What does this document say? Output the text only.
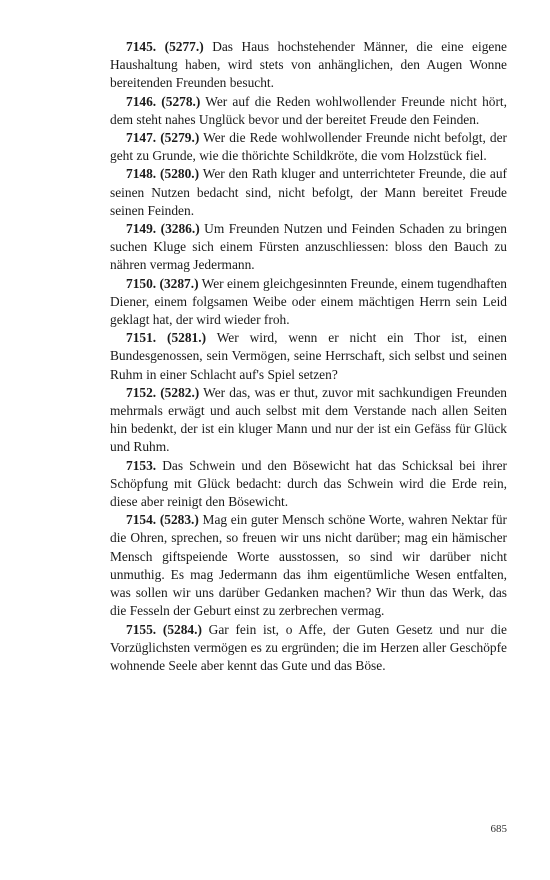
7145. (5277.) Das Haus hochstehender Männer, die eine eigene Haushaltung haben, wird stets von anhänglichen, den Augen Wonne bereitenden Freunden besucht.

7146. (5278.) Wer auf die Reden wohlwollender Freunde nicht hört, dem steht nahes Unglück bevor und der bereitet Freude den Feinden.

7147. (5279.) Wer die Rede wohlwollender Freunde nicht befolgt, der geht zu Grunde, wie die thörichte Schildkröte, die vom Holzstück fiel.

7148. (5280.) Wer den Rath kluger and unterrichteter Freunde, die auf seinen Nutzen bedacht sind, nicht befolgt, der Mann bereitet Freude seinen Feinden.

7149. (3286.) Um Freunden Nutzen und Feinden Schaden zu bringen suchen Kluge sich einem Fürsten anzuschliessen: bloss den Bauch zu nähren vermag Jedermann.

7150. (3287.) Wer einem gleichgesinnten Freunde, einem tugendhaften Diener, einem folgsamen Weibe oder einem mächtigen Herrn sein Leid geklagt hat, der wird wieder froh.

7151. (5281.) Wer wird, wenn er nicht ein Thor ist, einen Bundesgenossen, sein Vermögen, seine Herrschaft, sich selbst und seinen Ruhm in einer Schlacht auf's Spiel setzen?

7152. (5282.) Wer das, was er thut, zuvor mit sachkundigen Freunden mehrmals erwägt und auch selbst mit dem Verstande nach allen Seiten hin bedenkt, der ist ein kluger Mann und nur der ist ein Gefäss für Glück und Ruhm.

7153. Das Schwein und den Bösewicht hat das Schicksal bei ihrer Schöpfung mit Glück bedacht: durch das Schwein wird die Erde rein, diese aber reinigt den Bösewicht.

7154. (5283.) Mag ein guter Mensch schöne Worte, wahren Nektar für die Ohren, sprechen, so freuen wir uns nicht darüber; mag ein hämischer Mensch giftspeiende Worte ausstossen, so sind wir darüber nicht unmuthig. Es mag Jedermann das ihm eigentümliche Wesen entfalten, was sollen wir uns darüber Gedanken machen? Wir thun das Werk, das die Fesseln der Geburt einst zu zerbrechen vermag.

7155. (5284.) Gar fein ist, o Affe, der Guten Gesetz und nur die Vorzüglichsten vermögen es zu ergründen; die im Herzen aller Geschöpfe wohnende Seele aber kennt das Gute und das Böse.

685
